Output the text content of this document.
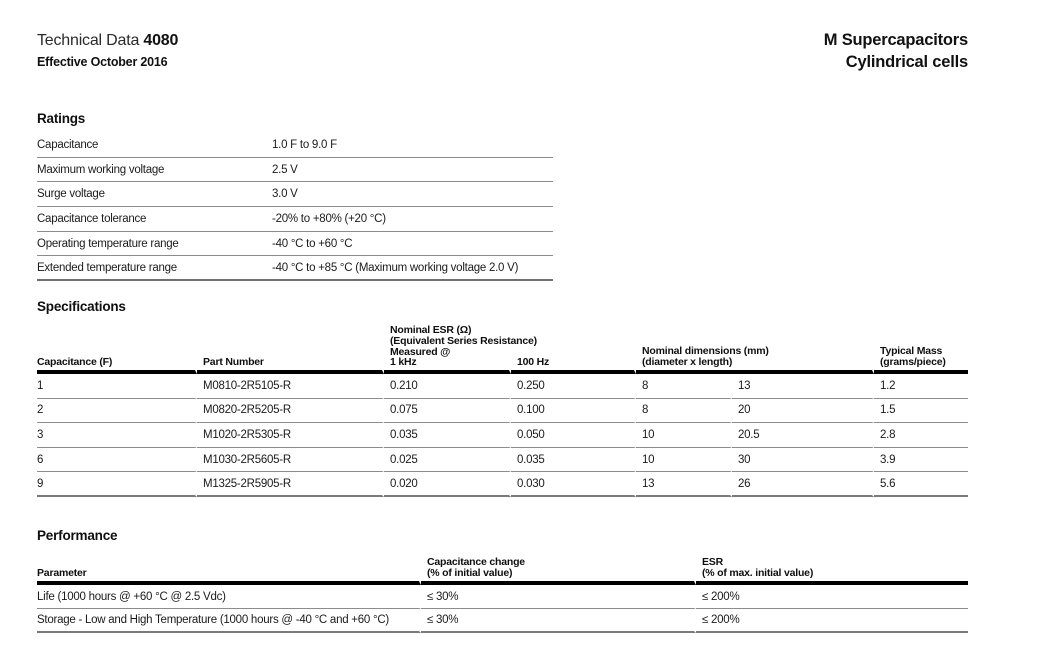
Technical Data 4080
Effective October 2016
M Supercapacitors
Cylindrical cells
Ratings
Capacitance	1.0 F to 9.0 F
Maximum working voltage	2.5 V
Surge voltage	3.0 V
Capacitance tolerance	-20% to +80% (+20 °C)
Operating temperature range	-40 °C to +60 °C
Extended temperature range	-40 °C to +85 °C (Maximum working voltage 2.0 V)
Specifications
Nominal ESR (Ω)
(Equivalent Series Resistance)
Measured @
Capacitance (F)	Part Number	1 kHz	100 Hz	
Nominal dimensions (mm)
(diameter x length)

Typical Mass
(grams/piece)

1	M0810-2R5105-R	0.210	0.250	8	13	1.2
2	M0820-2R5205-R	0.075	0.100	8	20	1.5
3	M1020-2R5305-R	0.035	0.050	10	20.5	2.8
6	M1030-2R5605-R	0.025	0.035	10	30	3.9
9	M1325-2R5905-R	0.020	0.030	13	26	5.6
Performance
Parameter	
Capacitance change
(% of initial value)

ESR
(% of max. initial value)

Life (1000 hours @ +60 °C @ 2.5 Vdc)	≤ 30%	≤ 200%
Storage - Low and High Temperature (1000 hours @ -40 °C and +60 °C)	≤ 30%	≤ 200%
